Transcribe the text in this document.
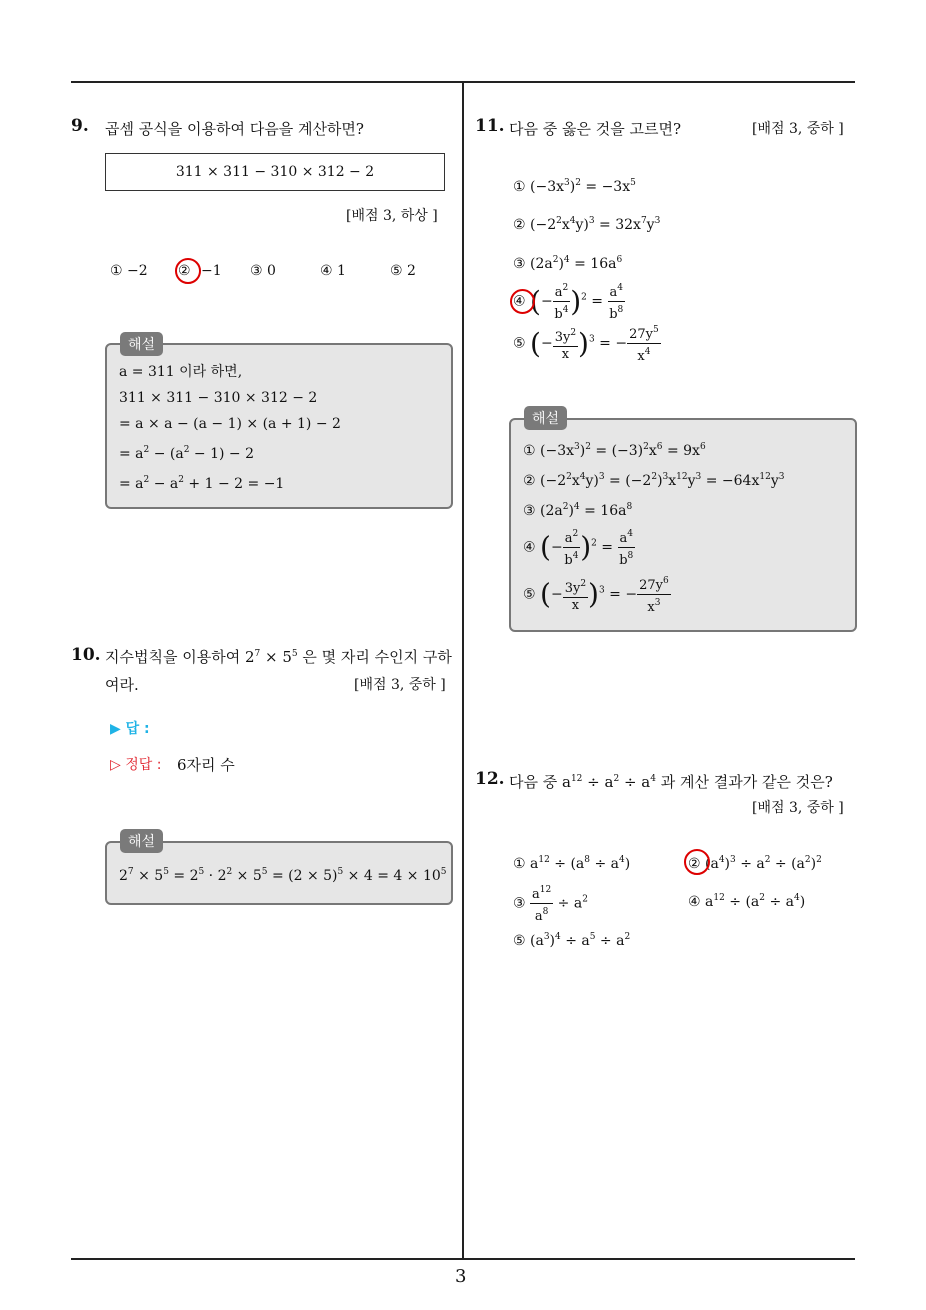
3
9. 곱셈 공식을 이용하여 다음을 계산하면?
311 × 311 − 310 × 312 − 2
[배점 3, 하상 ]
① −2 ② −1 ③ 0	④ 1	⑤ 2
a = 311 이라 하면,
311 × 311 − 310 × 312 − 2
= a × a − (a − 1) × (a + 1) − 2
= $a^2 - (a^2 - 1) - 2$
= $a^2 - a^2 + 1 - 2 = -1$
해설
10. 지수법칙을 이용하여 $2^7 \times 5^5$ 은 몇 자리 수인지 구하
여라.	[배점 3, 중하 ]
▶ 답 :
▷ 정답 : 6자리 수
$2^7 \times 5^5 = 2^5 \cdot 2^2 \times 5^5 = (2 \times 5)^5 \times 4 = 4 \times 10^5$
해설
11. 다음 중 옳은 것을 고르면?	[배점 3, 중하 ]
① $(-3x^3)^2 = -3x^5$
② $(-2^2x^4y)^3 = 32x^7y^3$
③ $(2a^2)^4 = 16a^6$
④ (− $\frac{a^2}{b^4} )^2 = \frac{a^4}{b^8}$
⑤ (− $\frac{3y^2}{x} )^3$ = − $\frac{27y^5}{x^4}$
① $(-3x^3)^2 = (-3)^2x^6 = 9x^6$
② $(-2^2x^4y)^3 = (-2^2)^3x^{12}y^3 = -64x^{12}y^3$
③ $(2a^2)^4 = 16a^8$
④ (− $\frac{a^2}{b^4} )^2 = \frac{a^4}{b^8}$
⑤ (− $\frac{3y^2}{x} )^3$ = − $\frac{27y^6}{x^3}$
해설
12. 다음 중 $a^{12} \div a^2 \div a^4$ 과 계산 결과가 같은 것은?
[배점 3, 중하 ]
① $a^{12} \div (a^8 \div a^4)$	② $(a^4)^3 \div a^2 \div (a^2)^2$
③ $\frac{a^{12}}{a^8} \div a^2$	④ $a^{12} \div (a^2 \div a^4)$
⑤ $(a^3)^4 \div a^5 \div a^2$
